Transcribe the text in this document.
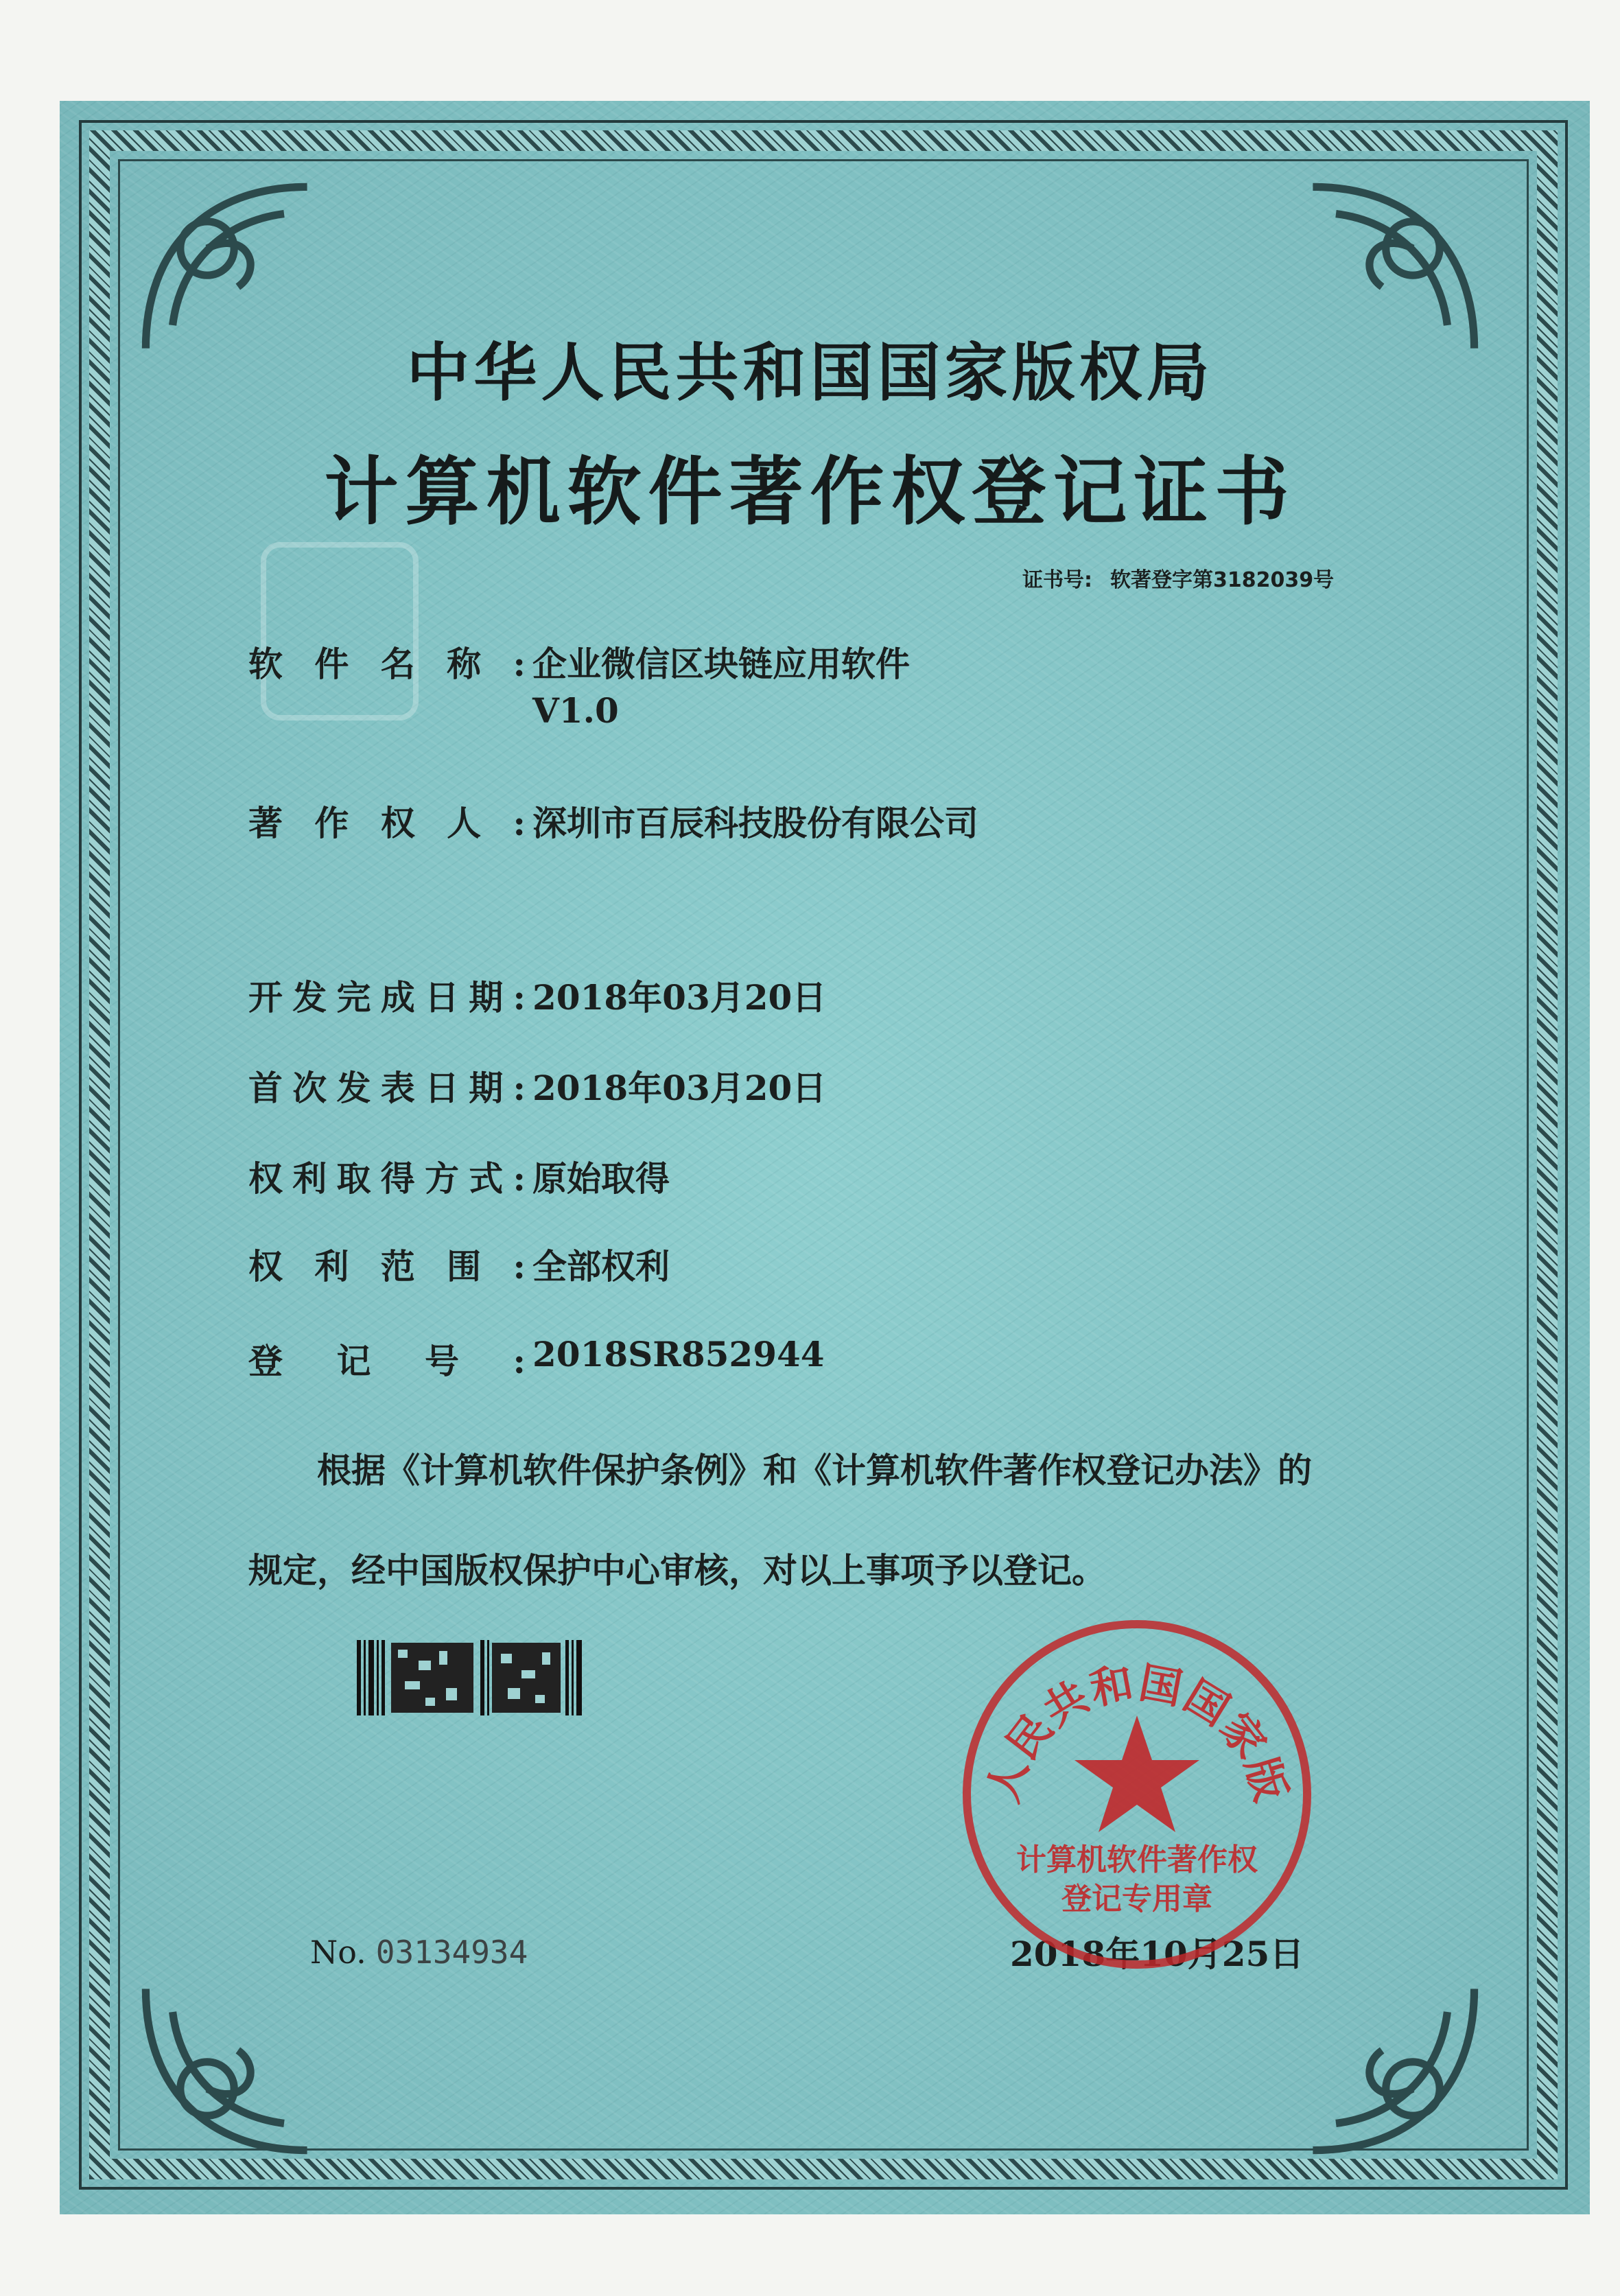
中华人民共和国国家版权局
计算机软件著作权登记证书
证书号: 软著登字第3182039号
软件名称: 企业微信区块链应用软件
V1.0
著作权人: 深圳市百辰科技股份有限公司
开发完成日期: 2018年03月20日
首次发表日期: 2018年03月20日
权利取得方式: 原始取得
权利范围: 全部权利
登记号: 2018SR852944
根据《计算机软件保护条例》和《计算机软件著作权登记办法》的
规定，经中国版权保护中心审核，对以上事项予以登记。
No. 03134934	2018年10月25日
人民共和国国家版
计算机软件著作权
登记专用章
